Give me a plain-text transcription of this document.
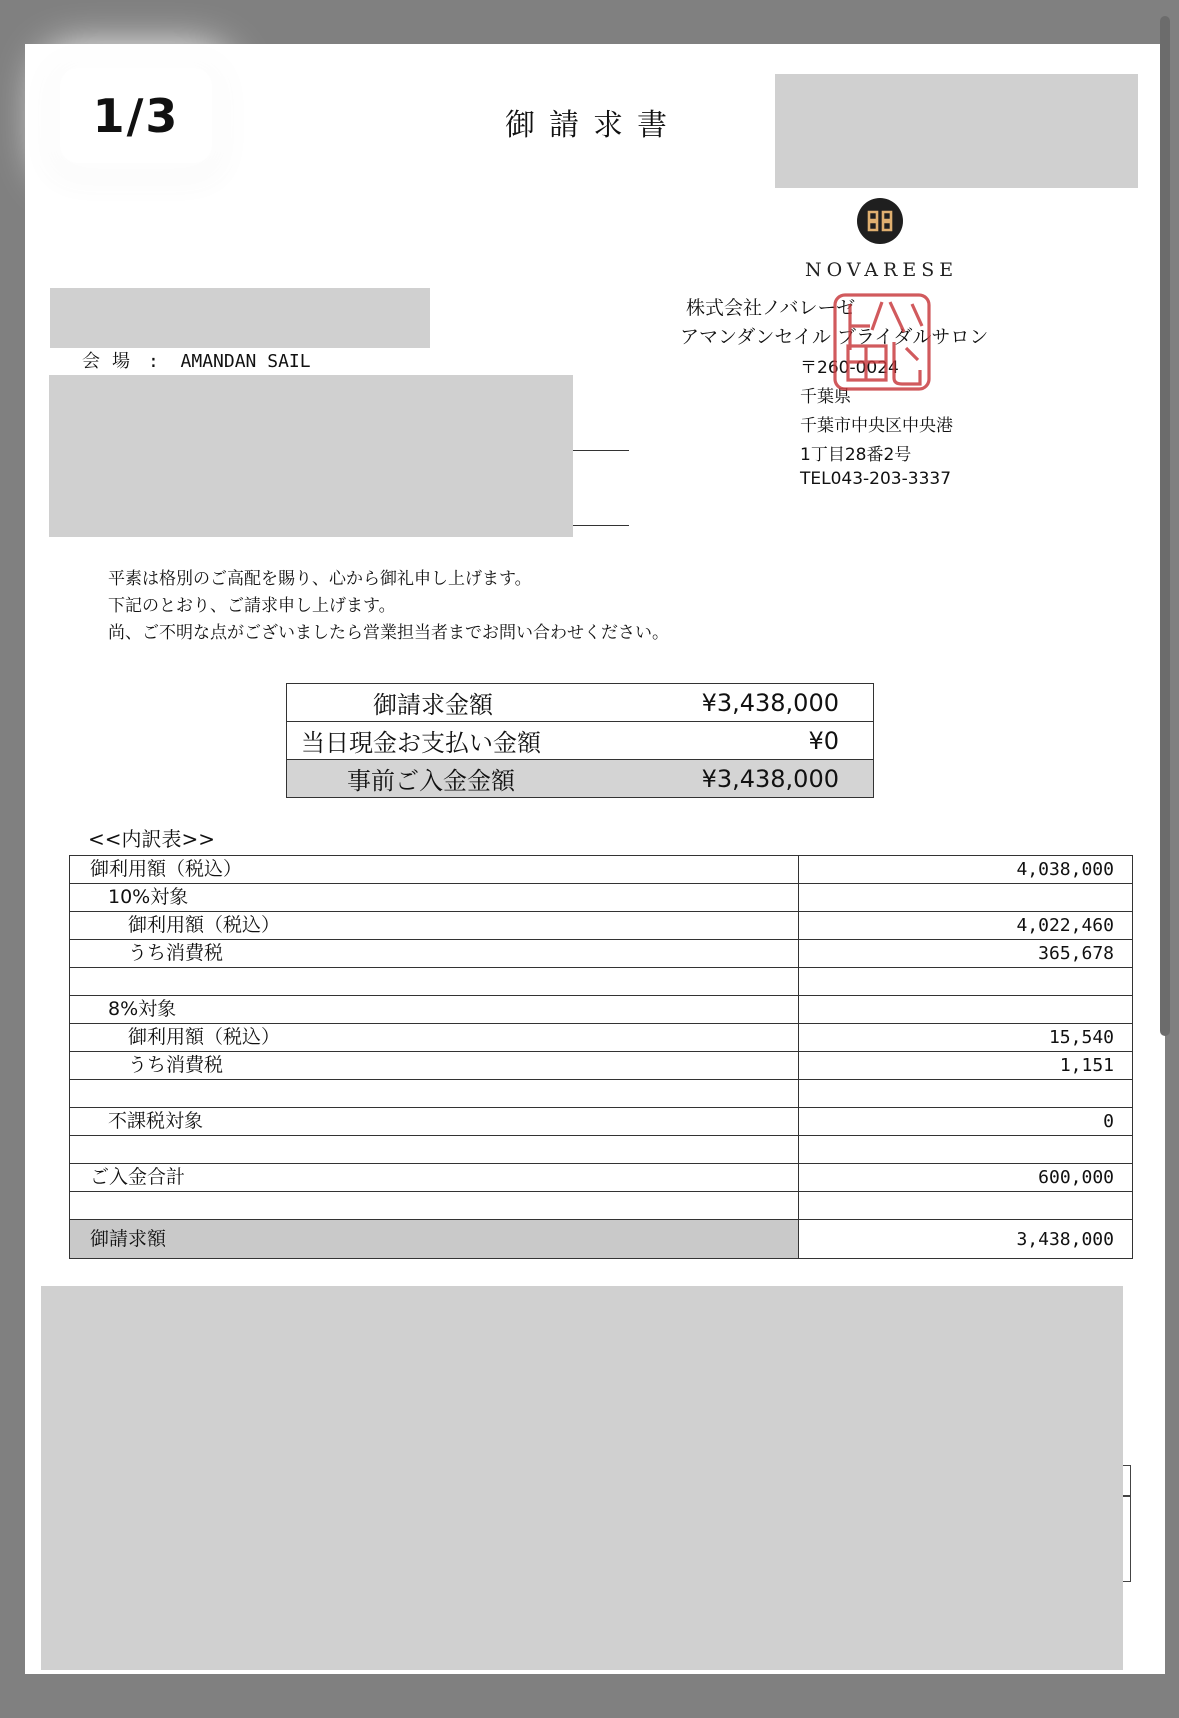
1/3	御請求書
NOVARESE
株式会社ノバレーゼ
アマンダンセイル ブライダルサロン
〒260-0024
千葉県
千葉市中央区中央港
1丁目28番2号
TEL043-203-3337
会場 : AMANDAN SAIL
平素は格別のご高配を賜り、心から御礼申し上げます。
下記のとおり、ご請求申し上げます。
尚、ご不明な点がございましたら営業担当者までお問い合わせください。
御請求金額	¥3,438,000
当日現金お支払い金額	¥0
事前ご入金金額	¥3,438,000
<<内訳表>>
御利用額（税込）	4,038,000
10%対象	
御利用額（税込）	4,022,460
うち消費税	365,678

8%対象	
御利用額（税込）	15,540
うち消費税	1,151

不課税対象	0

ご入金合計	600,000

御請求額	3,438,000
